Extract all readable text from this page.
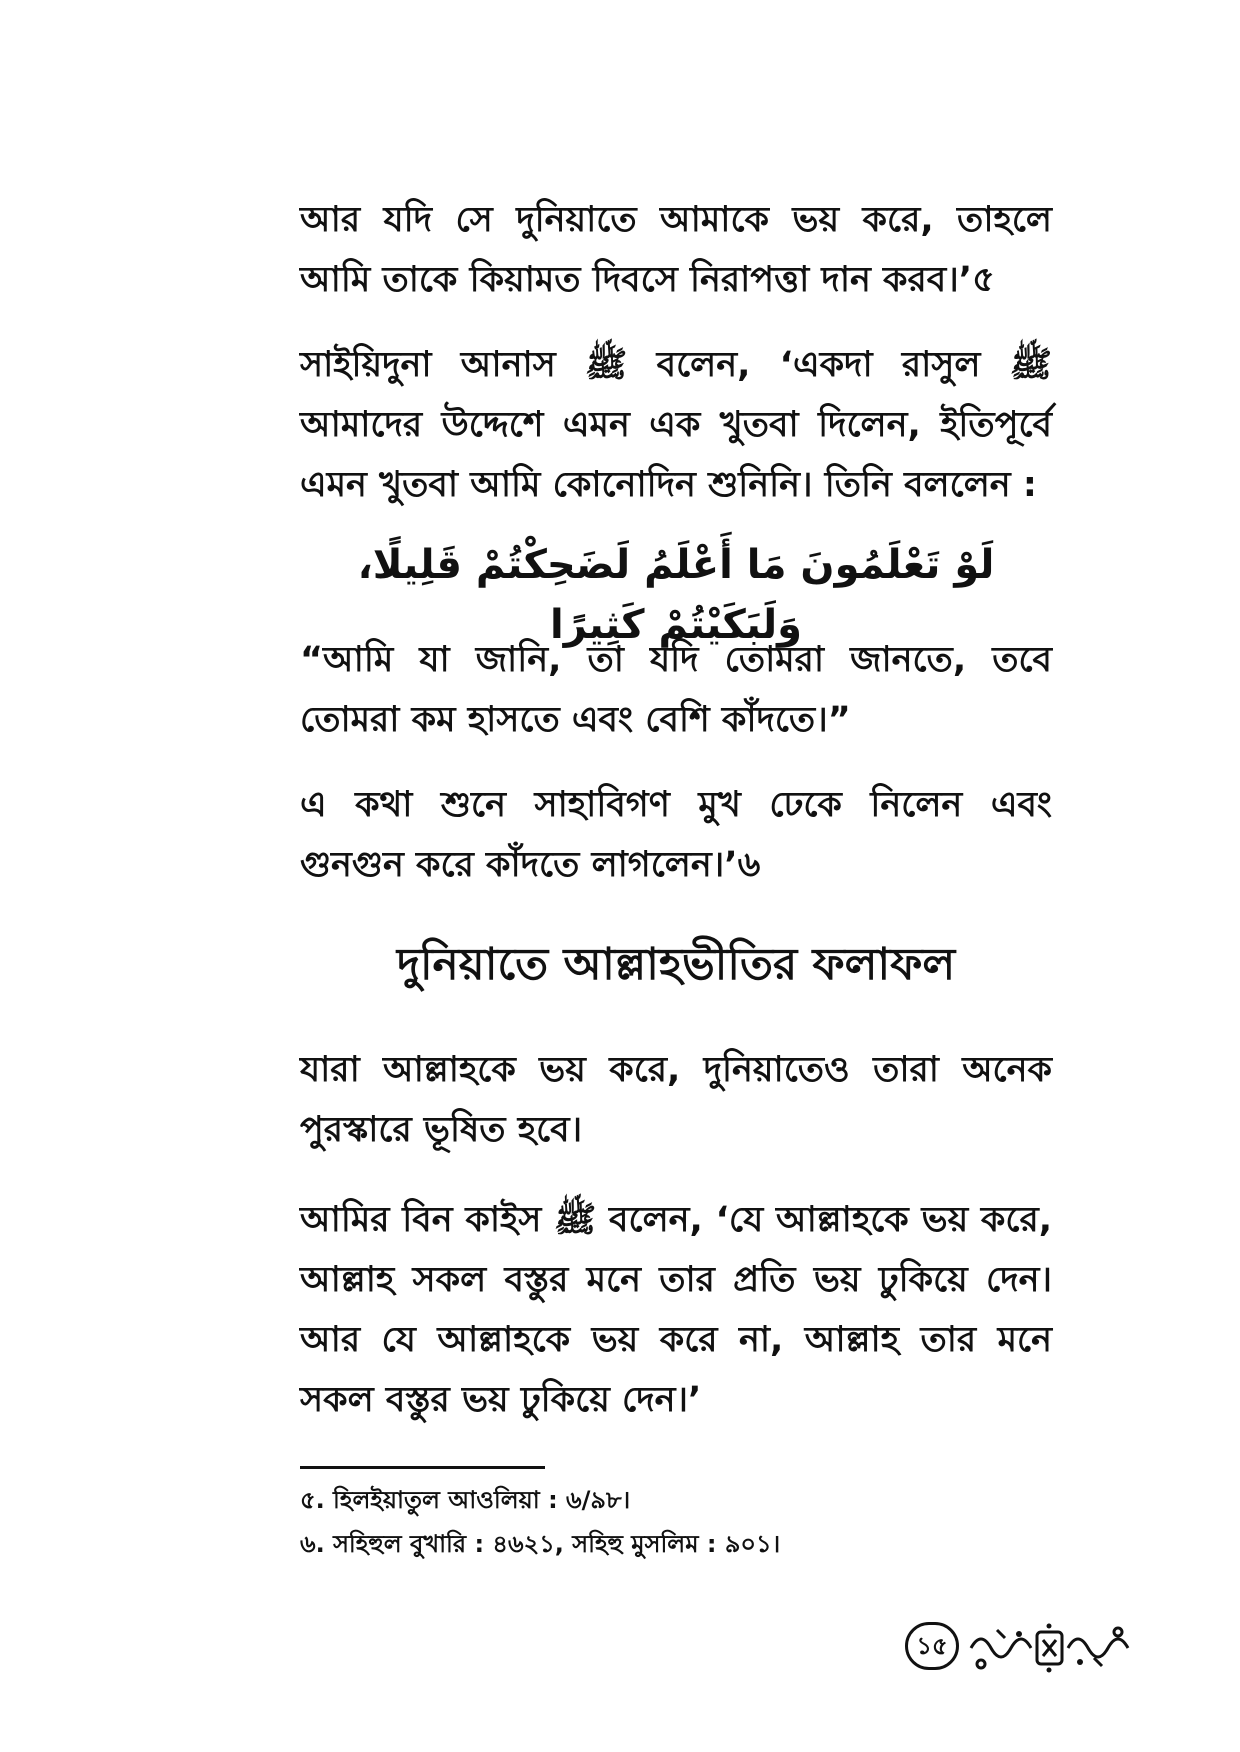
আর যদি সে দুনিয়াতে আমাকে ভয় করে, তাহলে আমি তাকে কিয়ামত দিবসে নিরাপত্তা দান করব।’৫

সাইয়িদুনা আনাস ﷺ বলেন, ‘একদা রাসুল ﷺ আমাদের উদ্দেশে এমন এক খুতবা দিলেন, ইতিপূর্বে এমন খুতবা আমি কোনোদিন শুনিনি। তিনি বললেন :

لَوْ تَعْلَمُونَ مَا أَعْلَمُ لَضَحِكْتُمْ قَلِيلًا، وَلَبَكَيْتُمْ كَثِيرًا

“আমি যা জানি, তা যদি তোমরা জানতে, তবে তোমরা কম হাসতে এবং বেশি কাঁদতে।”

এ কথা শুনে সাহাবিগণ মুখ ঢেকে নিলেন এবং গুনগুন করে কাঁদতে লাগলেন।’৬

দুনিয়াতে আল্লাহভীতির ফলাফল

যারা আল্লাহকে ভয় করে, দুনিয়াতেও তারা অনেক পুরস্কারে ভূষিত হবে।

আমির বিন কাইস ﷺ বলেন, ‘যে আল্লাহকে ভয় করে, আল্লাহ সকল বস্তুর মনে তার প্রতি ভয় ঢুকিয়ে দেন। আর যে আল্লাহকে ভয় করে না, আল্লাহ তার মনে সকল বস্তুর ভয় ঢুকিয়ে দেন।’

৫. হিলইয়াতুল আওলিয়া : ৬/৯৮।

৬. সহিহুল বুখারি : ৪৬২১, সহিহু মুসলিম : ৯০১।

১৫
